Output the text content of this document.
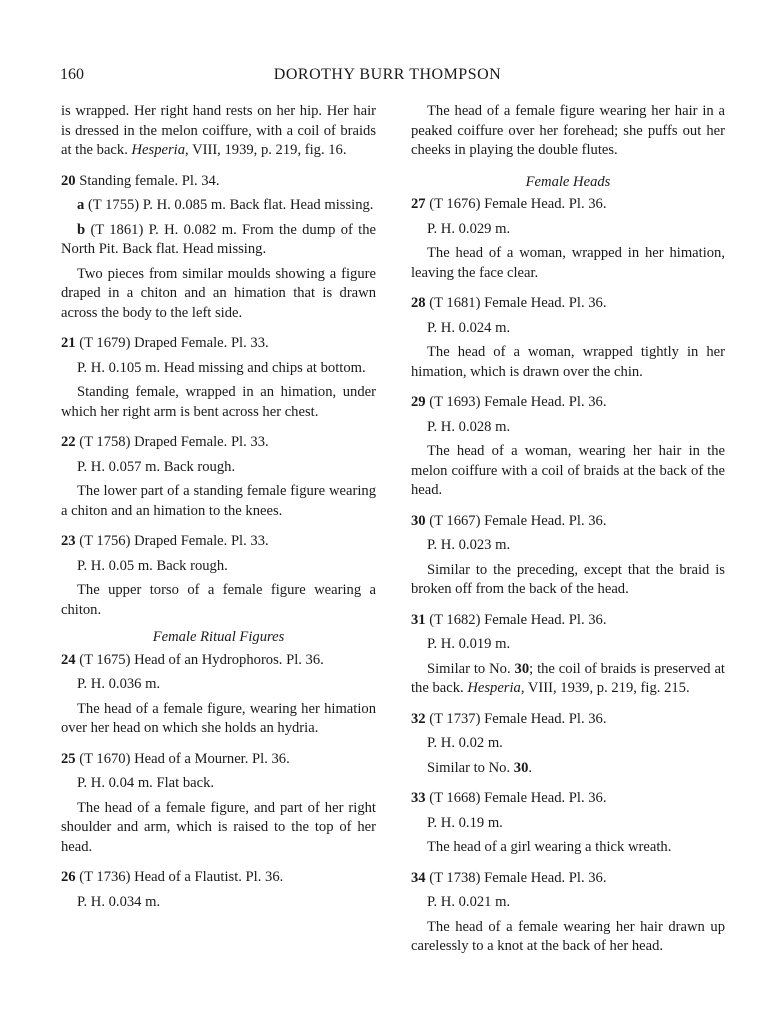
160	DOROTHY BURR THOMPSON

is wrapped. Her right hand rests on her hip. Her hair is dressed in the melon coiffure, with a coil of braids at the back. Hesperia, VIII, 1939, p. 219, fig. 16.

20 Standing female. Pl. 34.

a (T 1755) P. H. 0.085 m. Back flat. Head missing.

b (T 1861) P. H. 0.082 m. From the dump of the North Pit. Back flat. Head missing.

Two pieces from similar moulds showing a figure draped in a chiton and an himation that is drawn across the body to the left side.

21 (T 1679) Draped Female. Pl. 33.

P. H. 0.105 m. Head missing and chips at bottom.

Standing female, wrapped in an himation, under which her right arm is bent across her chest.

22 (T 1758) Draped Female. Pl. 33.

P. H. 0.057 m. Back rough.

The lower part of a standing female figure wearing a chiton and an himation to the knees.

23 (T 1756) Draped Female. Pl. 33.

P. H. 0.05 m. Back rough.

The upper torso of a female figure wearing a chiton.

Female Ritual Figures

24 (T 1675) Head of an Hydrophoros. Pl. 36.

P. H. 0.036 m.

The head of a female figure, wearing her himation over her head on which she holds an hydria.

25 (T 1670) Head of a Mourner. Pl. 36.

P. H. 0.04 m. Flat back.

The head of a female figure, and part of her right shoulder and arm, which is raised to the top of her head.

26 (T 1736) Head of a Flautist. Pl. 36.

P. H. 0.034 m.

The head of a female figure wearing her hair in a peaked coiffure over her forehead; she puffs out her cheeks in playing the double flutes.

Female Heads

27 (T 1676) Female Head. Pl. 36.

P. H. 0.029 m.

The head of a woman, wrapped in her himation, leaving the face clear.

28 (T 1681) Female Head. Pl. 36.

P. H. 0.024 m.

The head of a woman, wrapped tightly in her himation, which is drawn over the chin.

29 (T 1693) Female Head. Pl. 36.

P. H. 0.028 m.

The head of a woman, wearing her hair in the melon coiffure with a coil of braids at the back of the head.

30 (T 1667) Female Head. Pl. 36.

P. H. 0.023 m.

Similar to the preceding, except that the braid is broken off from the back of the head.

31 (T 1682) Female Head. Pl. 36.

P. H. 0.019 m.

Similar to No. 30; the coil of braids is preserved at the back. Hesperia, VIII, 1939, p. 219, fig. 215.

32 (T 1737) Female Head. Pl. 36.

P. H. 0.02 m.

Similar to No. 30.

33 (T 1668) Female Head. Pl. 36.

P. H. 0.19 m.

The head of a girl wearing a thick wreath.

34 (T 1738) Female Head. Pl. 36.

P. H. 0.021 m.

The head of a female wearing her hair drawn up carelessly to a knot at the back of her head.
